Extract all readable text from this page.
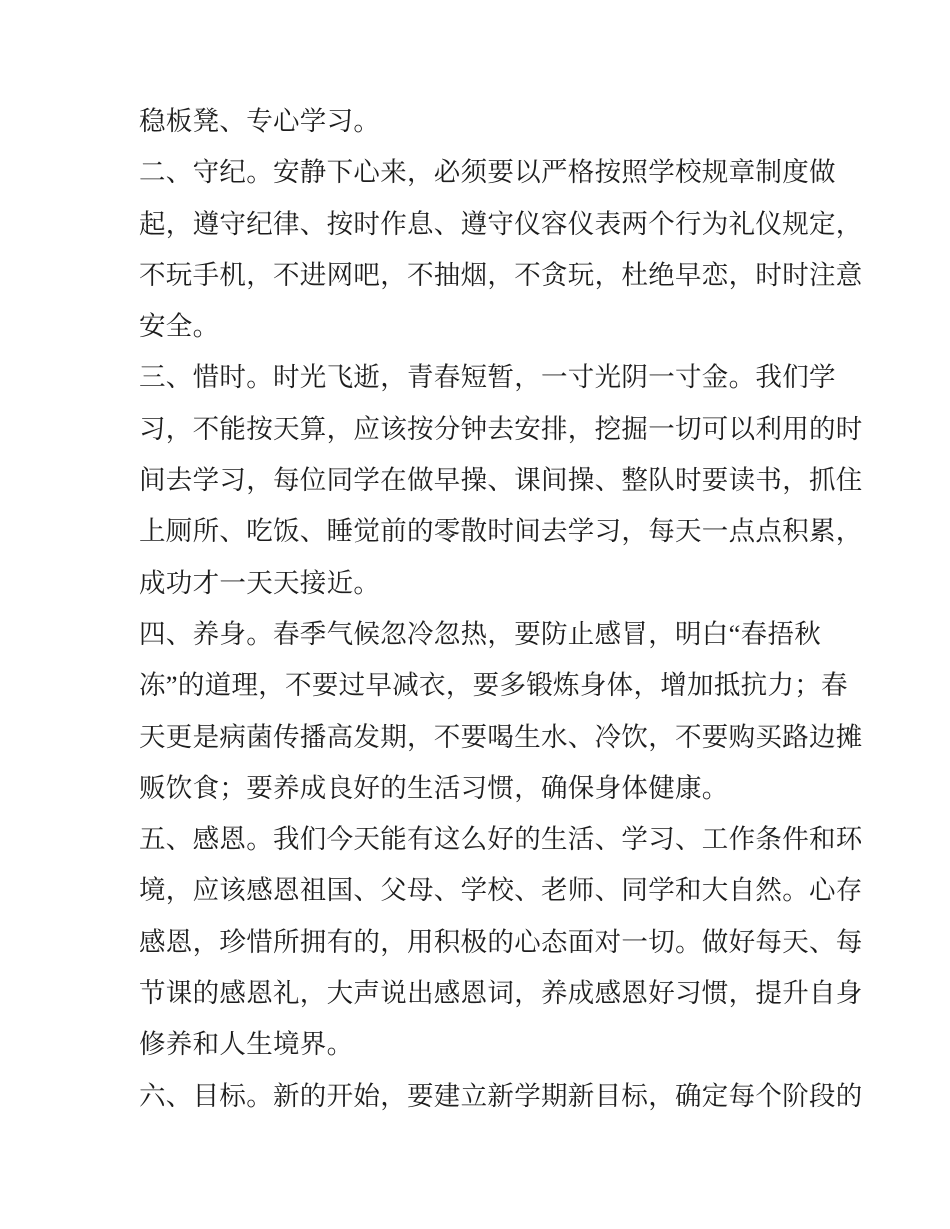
稳板凳、专心学习。
二、守纪。安静下心来，必须要以严格按照学校规章制度做
起，遵守纪律、按时作息、遵守仪容仪表两个行为礼仪规定，
不玩手机，不进网吧，不抽烟，不贪玩，杜绝早恋，时时注意
安全。
三、惜时。时光飞逝，青春短暂，一寸光阴一寸金。我们学
习，不能按天算，应该按分钟去安排，挖掘一切可以利用的时
间去学习，每位同学在做早操、课间操、整队时要读书，抓住
上厕所、吃饭、睡觉前的零散时间去学习，每天一点点积累，
成功才一天天接近。
四、养身。春季气候忽冷忽热，要防止感冒，明白“春捂秋
冻”的道理，不要过早减衣，要多锻炼身体，增加抵抗力；春
天更是病菌传播高发期，不要喝生水、冷饮，不要购买路边摊
贩饮食；要养成良好的生活习惯，确保身体健康。
五、感恩。我们今天能有这么好的生活、学习、工作条件和环
境，应该感恩祖国、父母、学校、老师、同学和大自然。心存
感恩，珍惜所拥有的，用积极的心态面对一切。做好每天、每
节课的感恩礼，大声说出感恩词，养成感恩好习惯，提升自身
修养和人生境界。
六、目标。新的开始，要建立新学期新目标，确定每个阶段的
